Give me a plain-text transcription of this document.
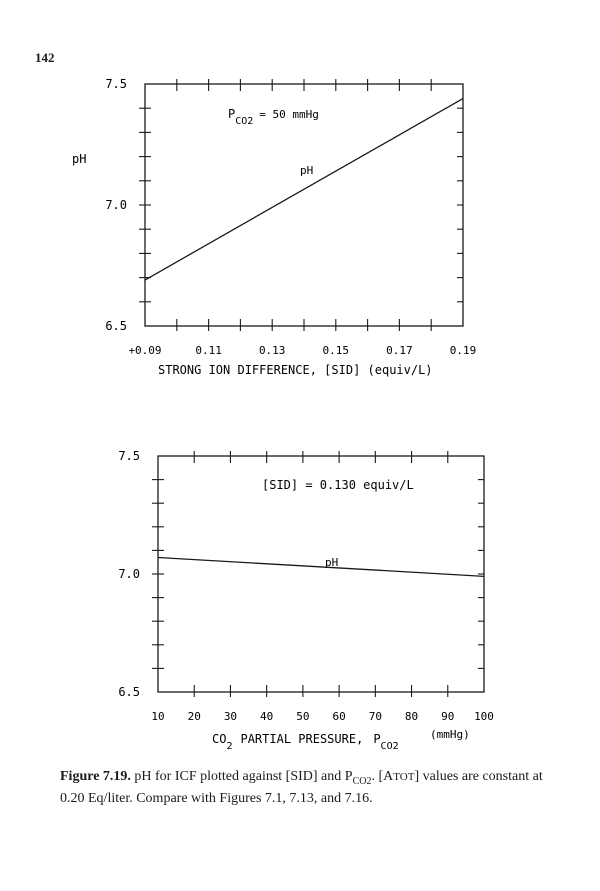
142
+0.09	0.11	0.13	0.15	0.17	0.19
6.5
7.0
7.5
pH
pH
$P_{CO2}= 50$ mmHg
STRONG ION DIFFERENCE, [SID] (equiv/L)
10 20 30 40 50 60 70 80 90 100
6.5
7.0
7.5
pH
[SID] = 0.130 equiv/L
$CO_2PARTIAL$ PRESSURE, $P_{CO2}$
(mmHg)
Figure 7.19. pH for ICF plotted against [SID] and $P_{CO2}$. [ATOT] values are constant at 0.20 Eq/liter. Compare with Figures 7.1, 7.13, and 7.16.
